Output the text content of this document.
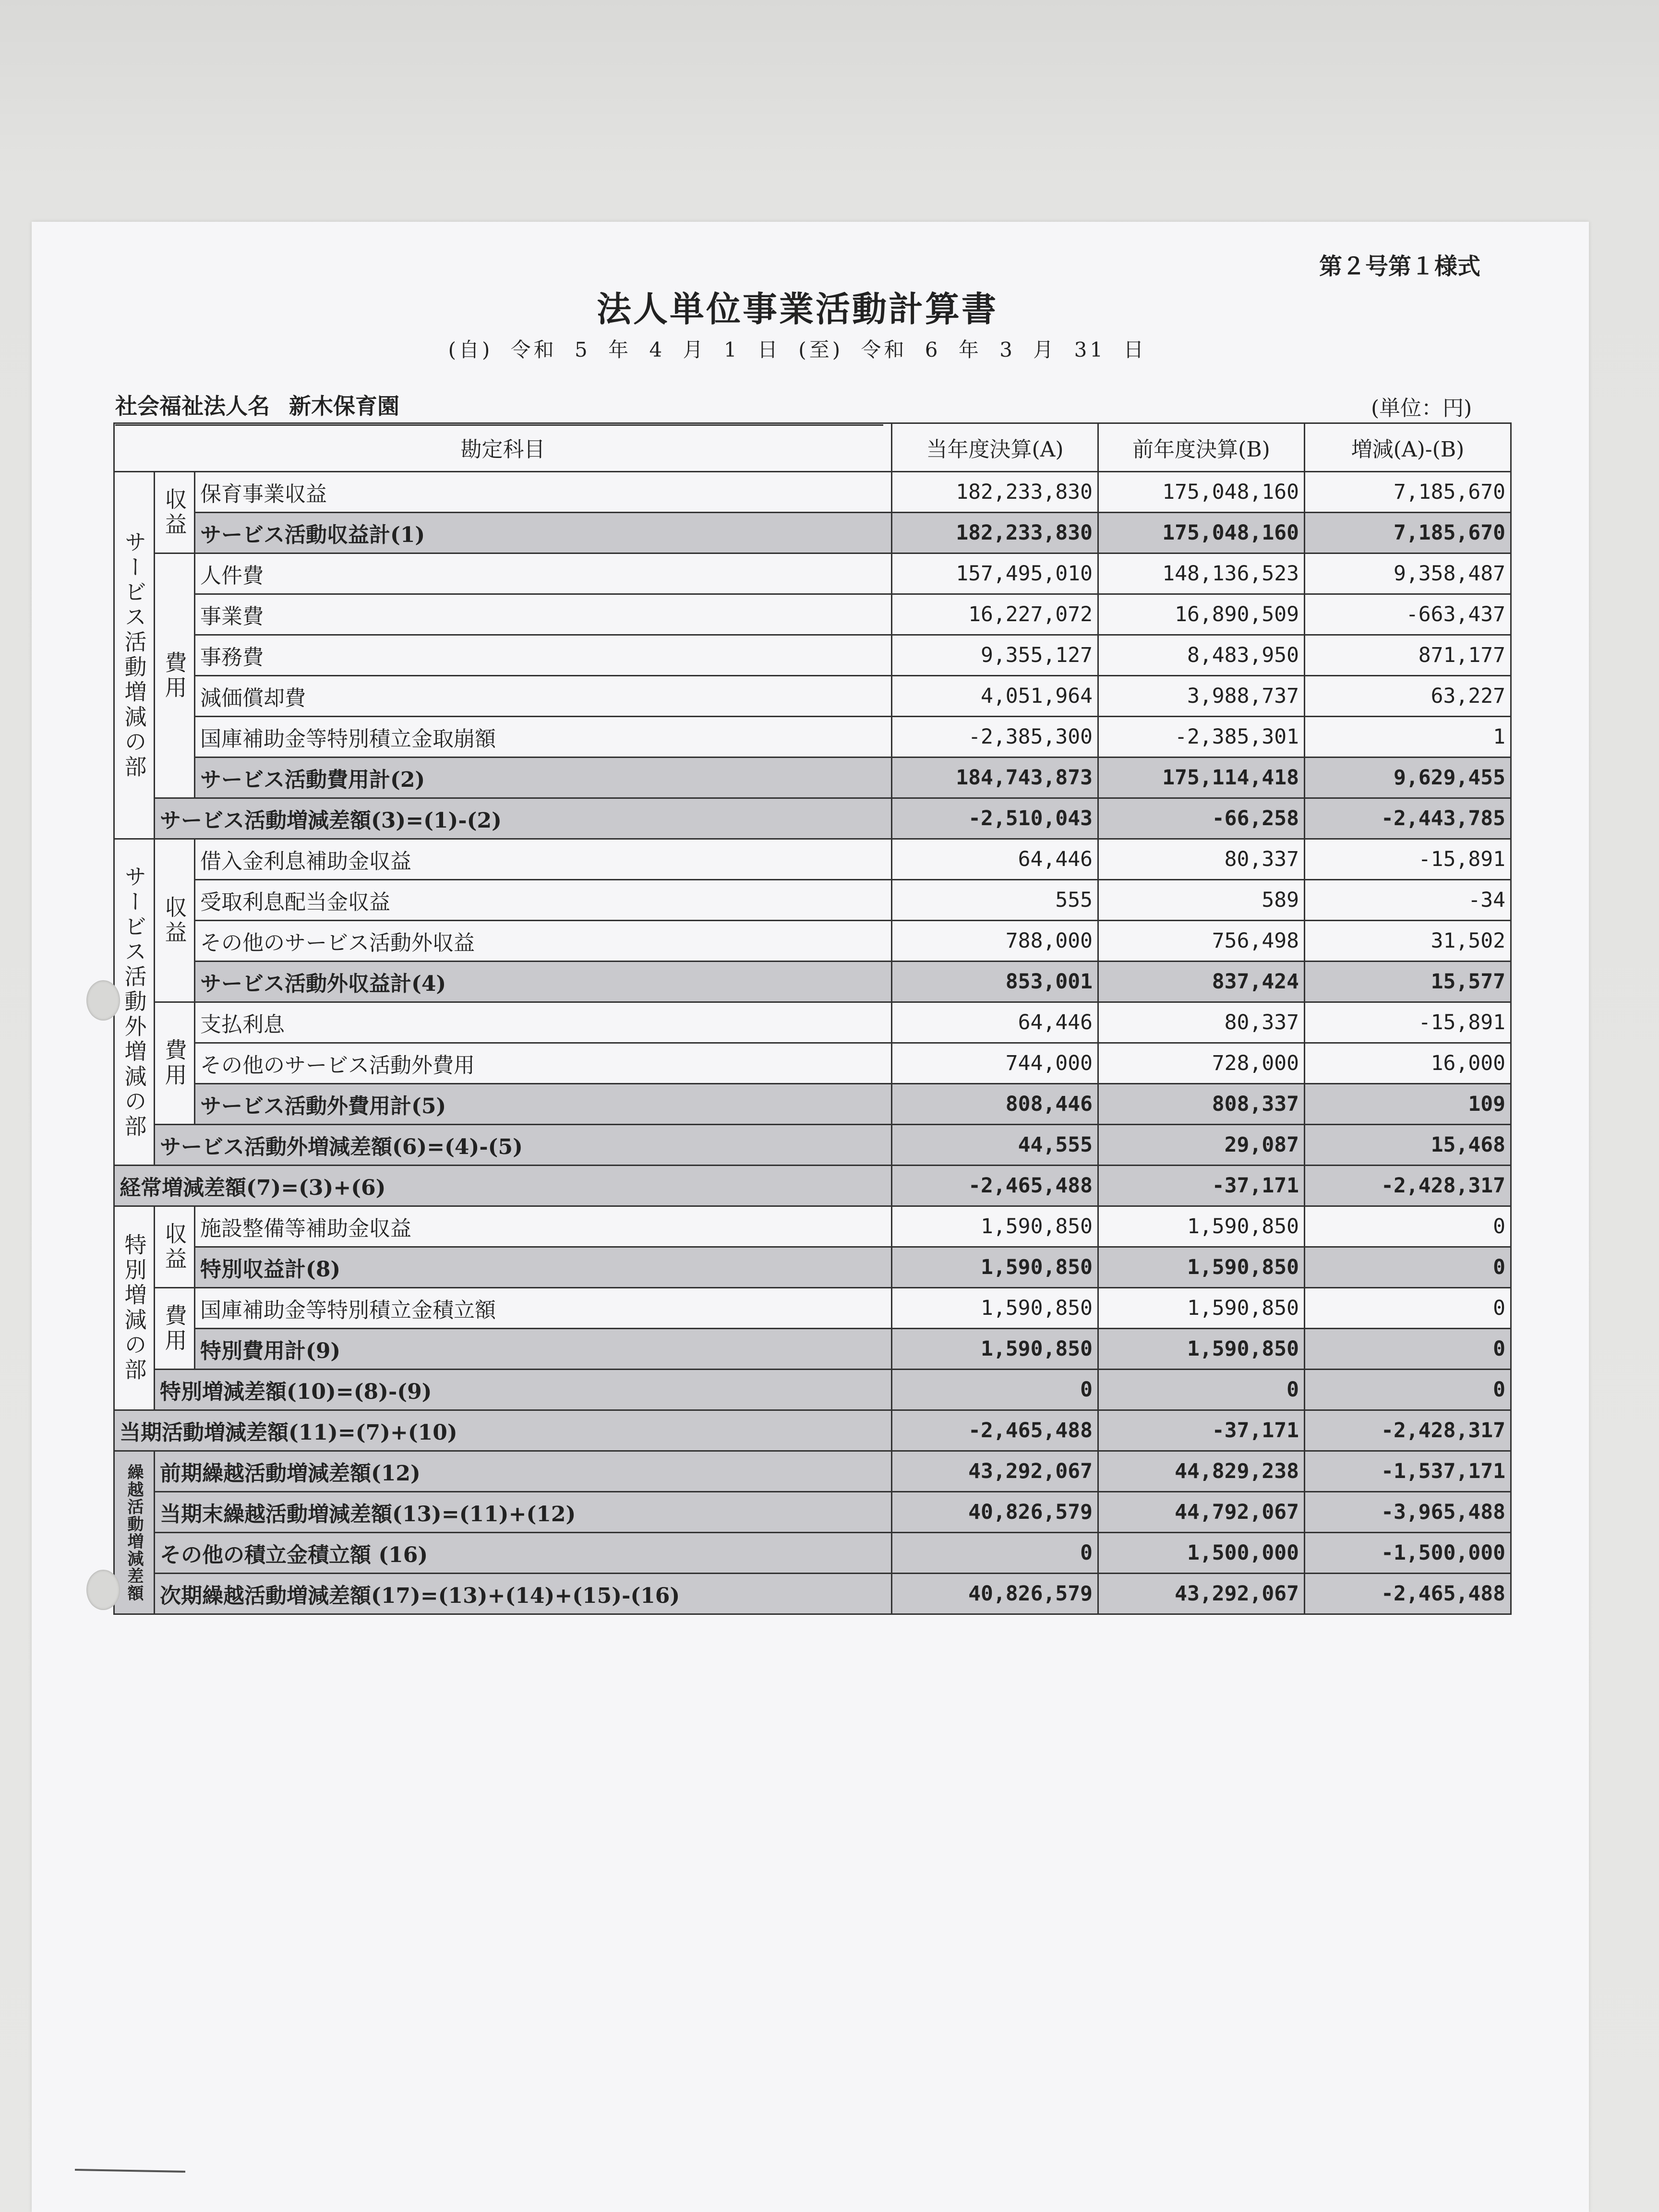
第２号第１様式
法人単位事業活動計算書
(自) 令和 5 年 4 月 1 日 (至) 令和 6 年 3 月 31 日
社会福祉法人名 新木保育園	(単位：円)
勘定科目			当年度決算(A)	前年度決算(B)	増減(A)-(B)
サービス活動増減の部	収益	保育事業収益	182,233,830	175,048,160	7,185,670
		サービス活動収益計(1)	182,233,830	175,048,160	7,185,670
	費用	人件費	157,495,010	148,136,523	9,358,487
		事業費	16,227,072	16,890,509	-663,437
		事務費	9,355,127	8,483,950	871,177
		減価償却費	4,051,964	3,988,737	63,227
		国庫補助金等特別積立金取崩額	-2,385,300	-2,385,301	1
		サービス活動費用計(2)	184,743,873	175,114,418	9,629,455
	サービス活動増減差額(3)=(1)-(2)		-2,510,043	-66,258	-2,443,785
サービス活動外増減の部	収益	借入金利息補助金収益	64,446	80,337	-15,891
		受取利息配当金収益	555	589	-34
		その他のサービス活動外収益	788,000	756,498	31,502
		サービス活動外収益計(4)	853,001	837,424	15,577
	費用	支払利息	64,446	80,337	-15,891
		その他のサービス活動外費用	744,000	728,000	16,000
		サービス活動外費用計(5)	808,446	808,337	109
	サービス活動外増減差額(6)=(4)-(5)		44,555	29,087	15,468
経常増減差額(7)=(3)+(6)			-2,465,488	-37,171	-2,428,317
特別増減の部	収益	施設整備等補助金収益	1,590,850	1,590,850	0
		特別収益計(8)	1,590,850	1,590,850	0
	費用	国庫補助金等特別積立金積立額	1,590,850	1,590,850	0
		特別費用計(9)	1,590,850	1,590,850	0
	特別増減差額(10)=(8)-(9)		0	0	0
当期活動増減差額(11)=(7)+(10)			-2,465,488	-37,171	-2,428,317
繰越活動増減差額	前期繰越活動増減差額(12)		43,292,067	44,829,238	-1,537,171
	当期末繰越活動増減差額(13)=(11)+(12)		40,826,579	44,792,067	-3,965,488
	その他の積立金積立額 (16)		0	1,500,000	-1,500,000
	次期繰越活動増減差額(17)=(13)+(14)+(15)-(16)		40,826,579	43,292,067	-2,465,488
